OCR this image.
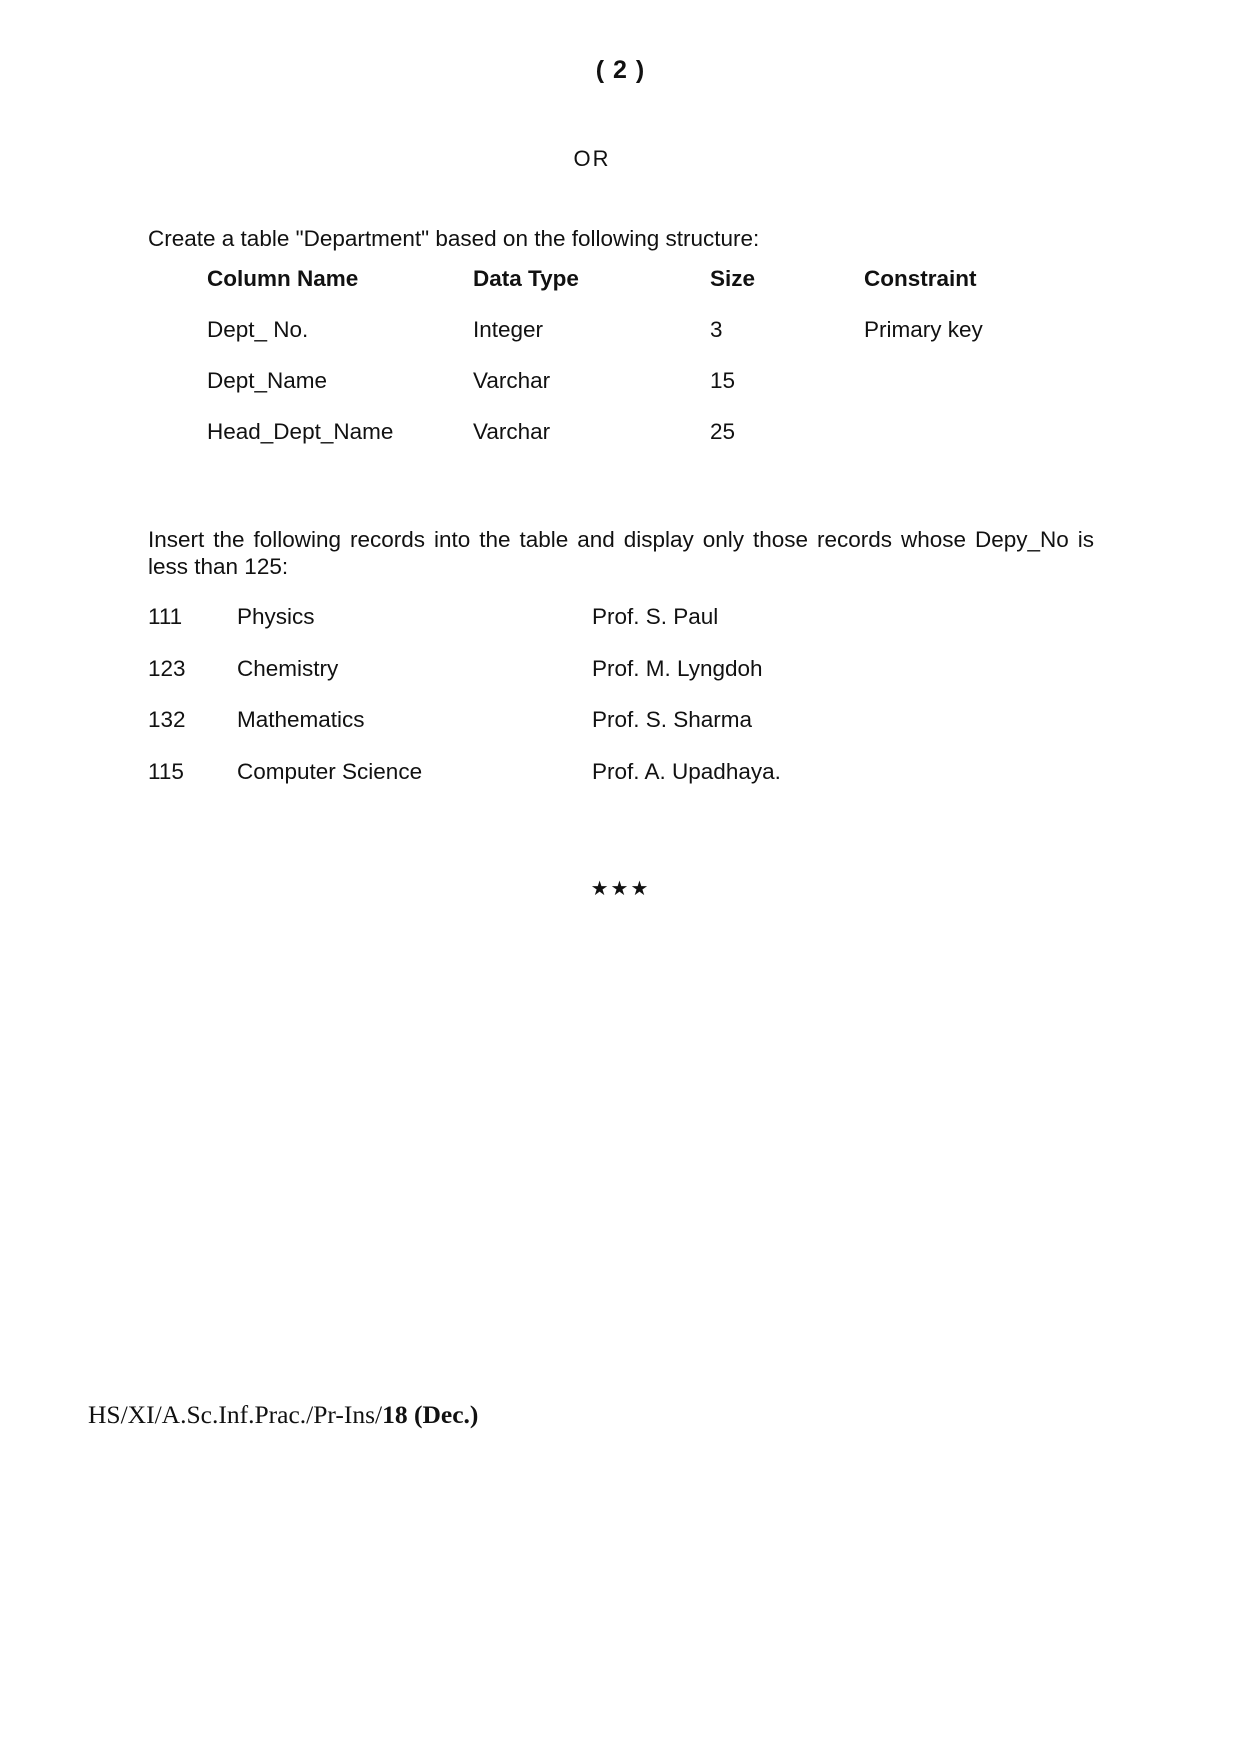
( 2 )
OR
Create a table "Department" based on the following structure:
Column Name	Data Type	Size	Constraint
Dept_ No.	Integer	3	Primary key
Dept_Name	Varchar	15
Head_Dept_Name	Varchar	25
Insert the following records into the table and display only those records whose Depy_No is less than 125:
111 Physics	Prof. S. Paul
123 Chemistry	Prof. M. Lyngdoh
132 Mathematics	Prof. S. Sharma
115 Computer Science	Prof. A. Upadhaya.
★★★
HS/XI/A.Sc.Inf.Prac./Pr-Ins/18 (Dec.)
